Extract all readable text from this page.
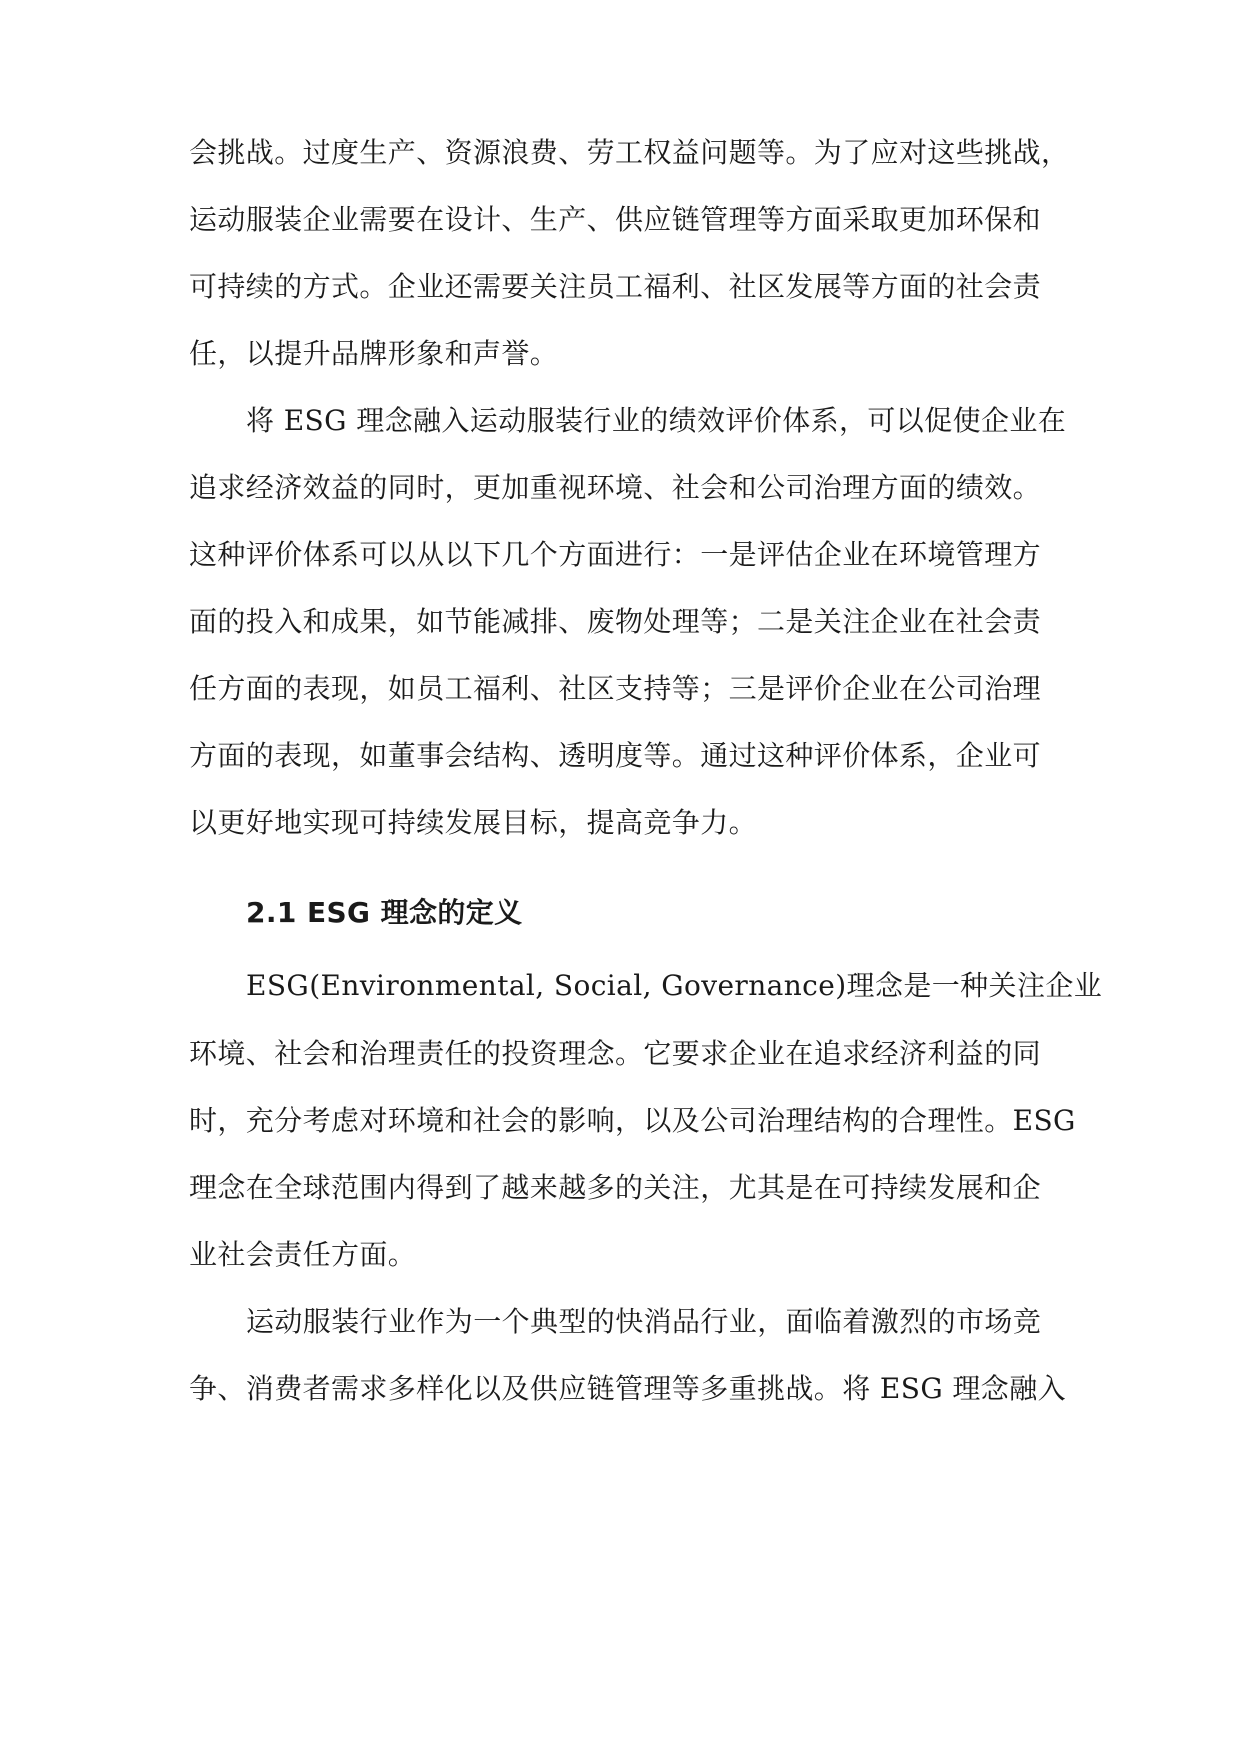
会挑战。过度生产、资源浪费、劳工权益问题等。为了应对这些挑战，
运动服装企业需要在设计、生产、供应链管理等方面采取更加环保和
可持续的方式。企业还需要关注员工福利、社区发展等方面的社会责
任，以提升品牌形象和声誉。
将 ESG 理念融入运动服装行业的绩效评价体系，可以促使企业在
追求经济效益的同时，更加重视环境、社会和公司治理方面的绩效。
这种评价体系可以从以下几个方面进行：一是评估企业在环境管理方
面的投入和成果，如节能减排、废物处理等；二是关注企业在社会责
任方面的表现，如员工福利、社区支持等；三是评价企业在公司治理
方面的表现，如董事会结构、透明度等。通过这种评价体系，企业可
以更好地实现可持续发展目标，提高竞争力。
2.1 ESG 理念的定义
ESG(Environmental, Social, Governance)理念是一种关注企业
环境、社会和治理责任的投资理念。它要求企业在追求经济利益的同
时，充分考虑对环境和社会的影响，以及公司治理结构的合理性。ESG
理念在全球范围内得到了越来越多的关注，尤其是在可持续发展和企
业社会责任方面。
运动服装行业作为一个典型的快消品行业，面临着激烈的市场竞
争、消费者需求多样化以及供应链管理等多重挑战。将 ESG 理念融入
